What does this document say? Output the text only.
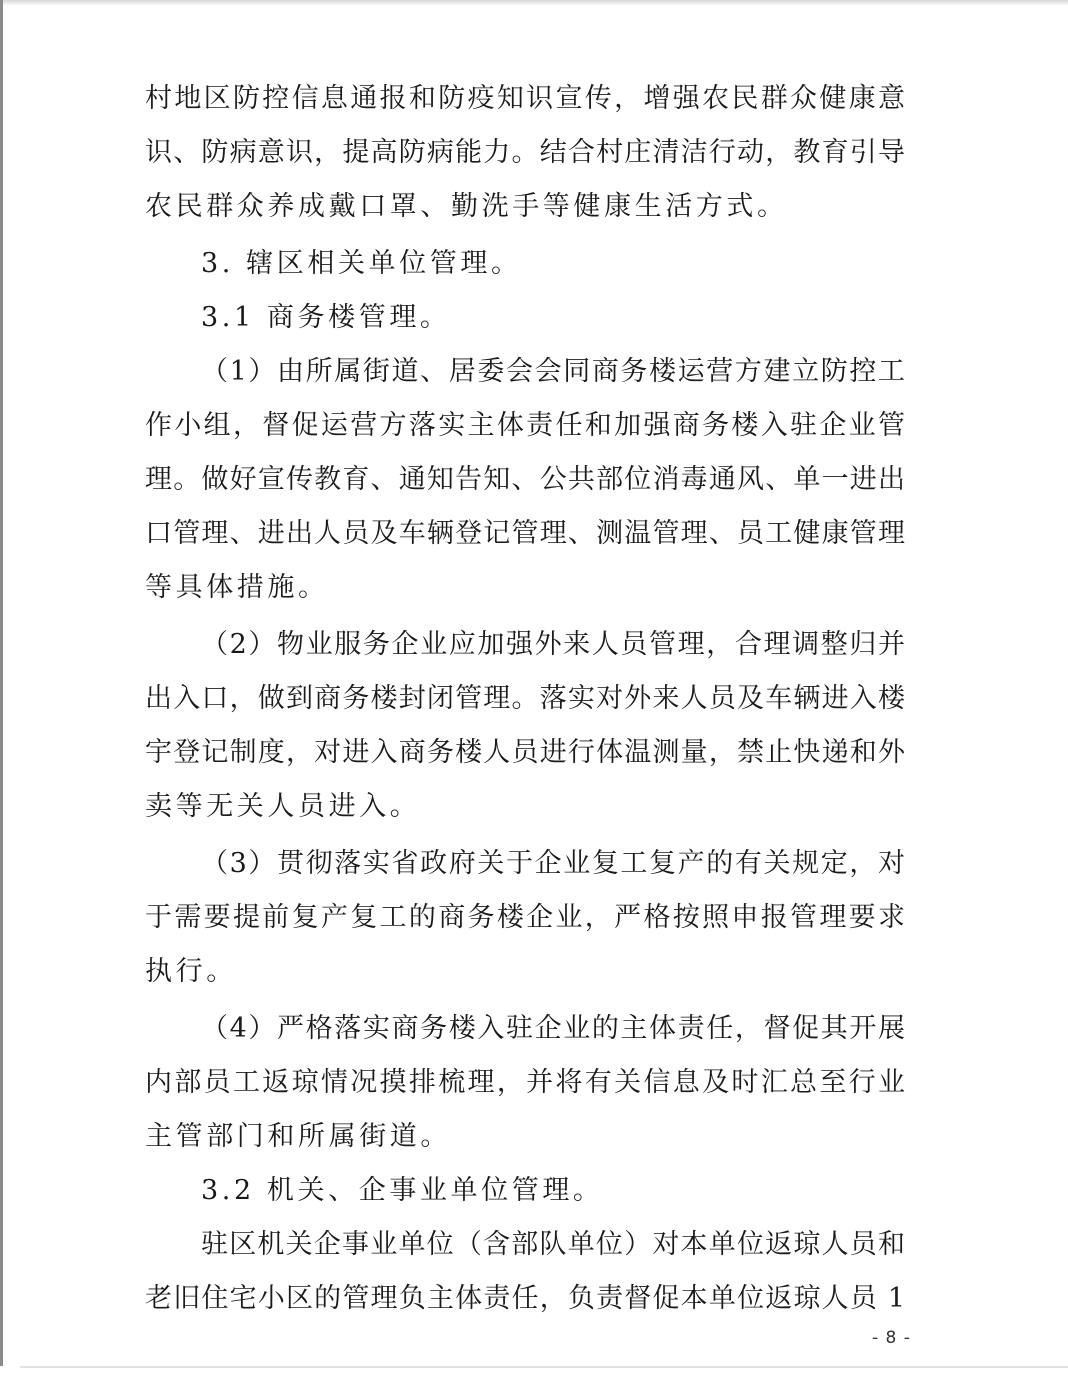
村地区防控信息通报和防疫知识宣传，增强农民群众健康意
识、防病意识，提高防病能力。结合村庄清洁行动，教育引导
农民群众养成戴口罩、勤洗手等健康生活方式。
3. 辖区相关单位管理。
3.1 商务楼管理。
（1）由所属街道、居委会会同商务楼运营方建立防控工
作小组，督促运营方落实主体责任和加强商务楼入驻企业管
理。做好宣传教育、通知告知、公共部位消毒通风、单一进出
口管理、进出人员及车辆登记管理、测温管理、员工健康管理
等具体措施。
（2）物业服务企业应加强外来人员管理，合理调整归并
出入口，做到商务楼封闭管理。落实对外来人员及车辆进入楼
宇登记制度，对进入商务楼人员进行体温测量，禁止快递和外
卖等无关人员进入。
（3）贯彻落实省政府关于企业复工复产的有关规定，对
于需要提前复产复工的商务楼企业，严格按照申报管理要求
执行。
（4）严格落实商务楼入驻企业的主体责任，督促其开展
内部员工返琼情况摸排梳理，并将有关信息及时汇总至行业
主管部门和所属街道。
3.2 机关、企事业单位管理。
驻区机关企事业单位（含部队单位）对本单位返琼人员和
老旧住宅小区的管理负主体责任，负责督促本单位返琼人员 1
- 8 -
